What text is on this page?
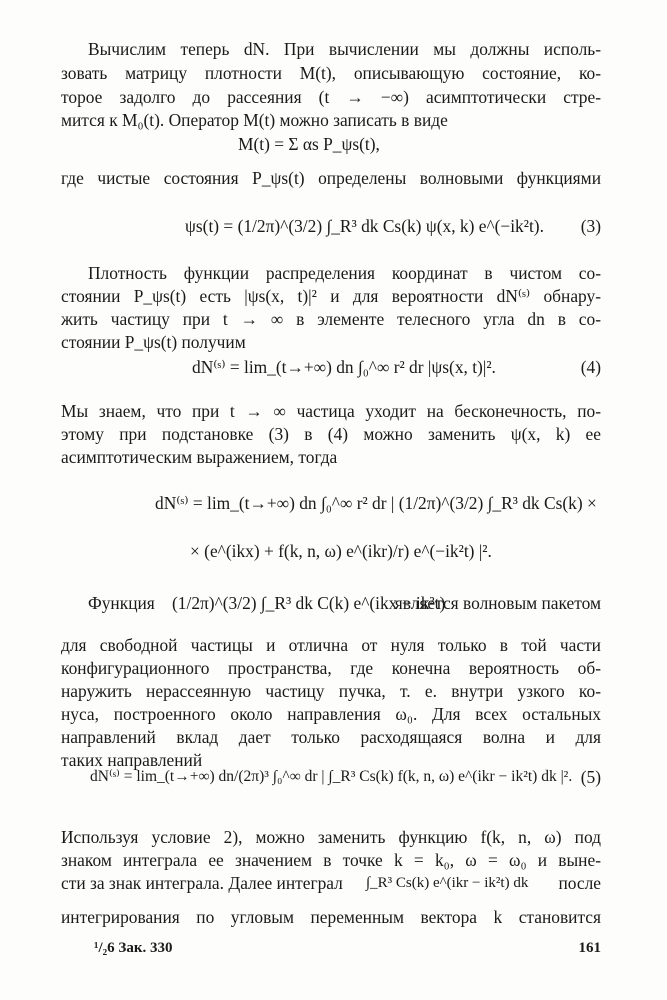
Вычислим теперь dN. При вычислении мы должны исполь-
зовать матрицу плотности M(t), описывающую состояние, ко-
торое задолго до рассеяния (t → −∞) асимптотически стре-
мится к M₀(t). Оператор M(t) можно записать в виде
M(t) = Σ αs P_ψs(t),
где чистые состояния P_ψs(t) определены волновыми функциями
ψs(t) = (1/2π)^(3/2) ∫_R³ dk Cs(k) ψ(x, k) e^(−ik²t). (3)
Плотность функции распределения координат в чистом со-
стоянии P_ψs(t) есть |ψs(x, t)|² и для вероятности dN⁽ˢ⁾ обнару-
жить частицу при t → ∞ в элементе телесного угла dn в со-
стоянии P_ψs(t) получим
dN⁽ˢ⁾ = lim_(t→+∞) dn ∫₀^∞ r² dr |ψs(x, t)|².	(4)
Мы знаем, что при t → ∞ частица уходит на бесконечность, по-
этому при подстановке (3) в (4) можно заменить ψ(x, k) ее
асимптотическим выражением, тогда
dN⁽ˢ⁾ = lim_(t→+∞) dn ∫₀^∞ r² dr | (1/2π)^(3/2) ∫_R³ dk Cs(k) ×
× (e^(ikx) + f(k, n, ω) e^(ikr)/r) e^(−ik²t) |².
Функция (1/2π)^(3/2) ∫_R³ dk C(k) e^(ikx − ik²t)
является волновым пакетом
для свободной частицы и отлична от нуля только в той части
конфигурационного пространства, где конечна вероятность об-
наружить нерассеянную частицу пучка, т. е. внутри узкого ко-
нуса, построенного около направления ω₀. Для всех остальных
направлений вклад дает только расходящаяся волна и для
таких направлений
dN⁽ˢ⁾ = lim_(t→+∞) dn/(2π)³ ∫₀^∞ dr | ∫_R³ Cs(k) f(k, n, ω) e^(ikr − ik²t) dk |². (5)
Используя условие 2), можно заменить функцию f(k, n, ω) под
знаком интеграла ее значением в точке k = k₀, ω = ω₀ и выне-
сти за знак интеграла. Далее интеграл	∫_R³ Cs(k) e^(ikr − ik²t) dk	после
интегрирования по угловым переменным вектора k становится
¹/₂6 Зак. 330	161
